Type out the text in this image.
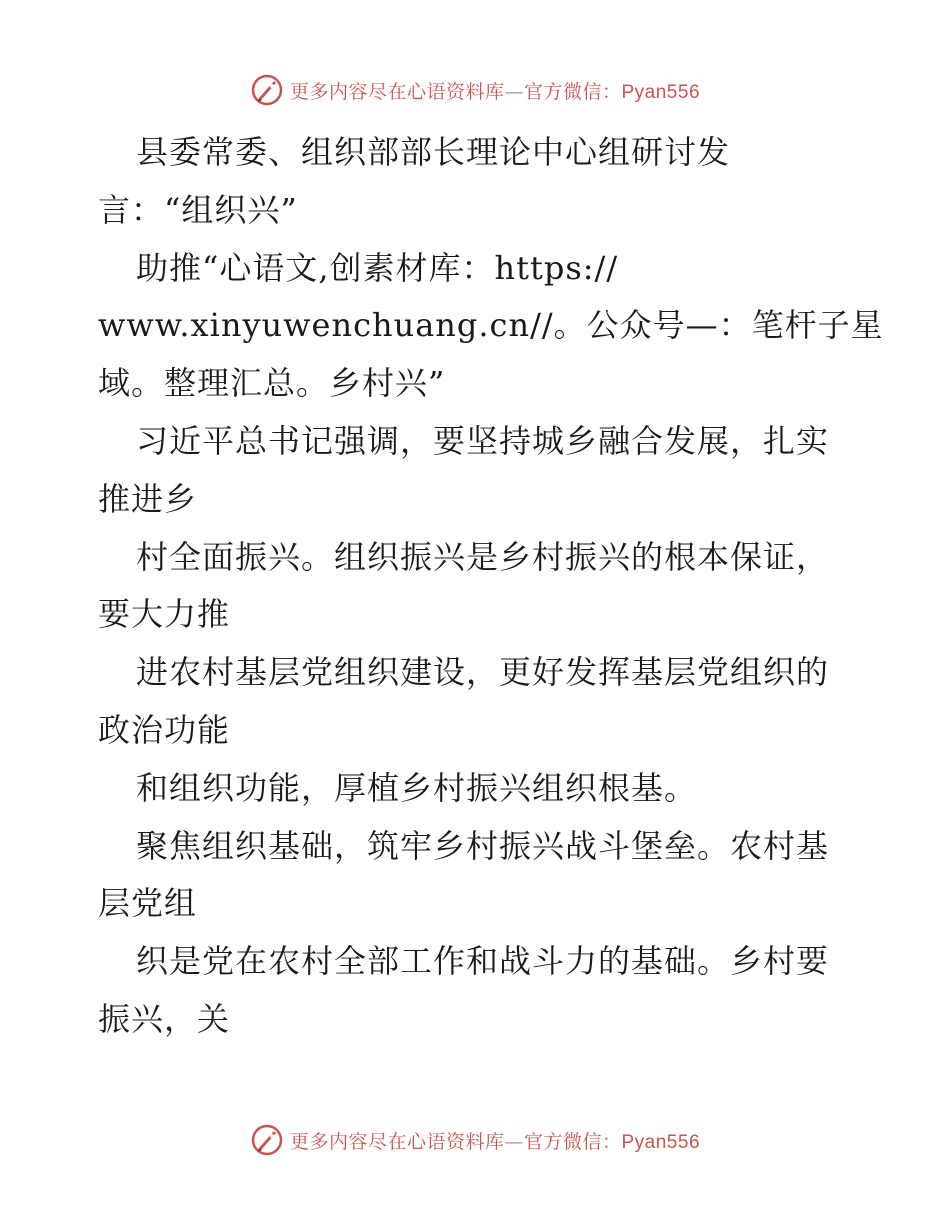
更多内容尽在心语资料库—官方微信：Pyan556
县委常委、组织部部长理论中心组研讨发
言：“组织兴”
助推“心语文,创素材库：https://
www.xinyuwenchuang.cn//。公众号—：笔杆子星
域。整理汇总。乡村兴”
习近平总书记强调，要坚持城乡融合发展，扎实
推进乡
村全面振兴。组织振兴是乡村振兴的根本保证，
要大力推
进农村基层党组织建设，更好发挥基层党组织的
政治功能
和组织功能，厚植乡村振兴组织根基。
聚焦组织基础，筑牢乡村振兴战斗堡垒。农村基
层党组
织是党在农村全部工作和战斗力的基础。乡村要
振兴，关
更多内容尽在心语资料库—官方微信：Pyan556
